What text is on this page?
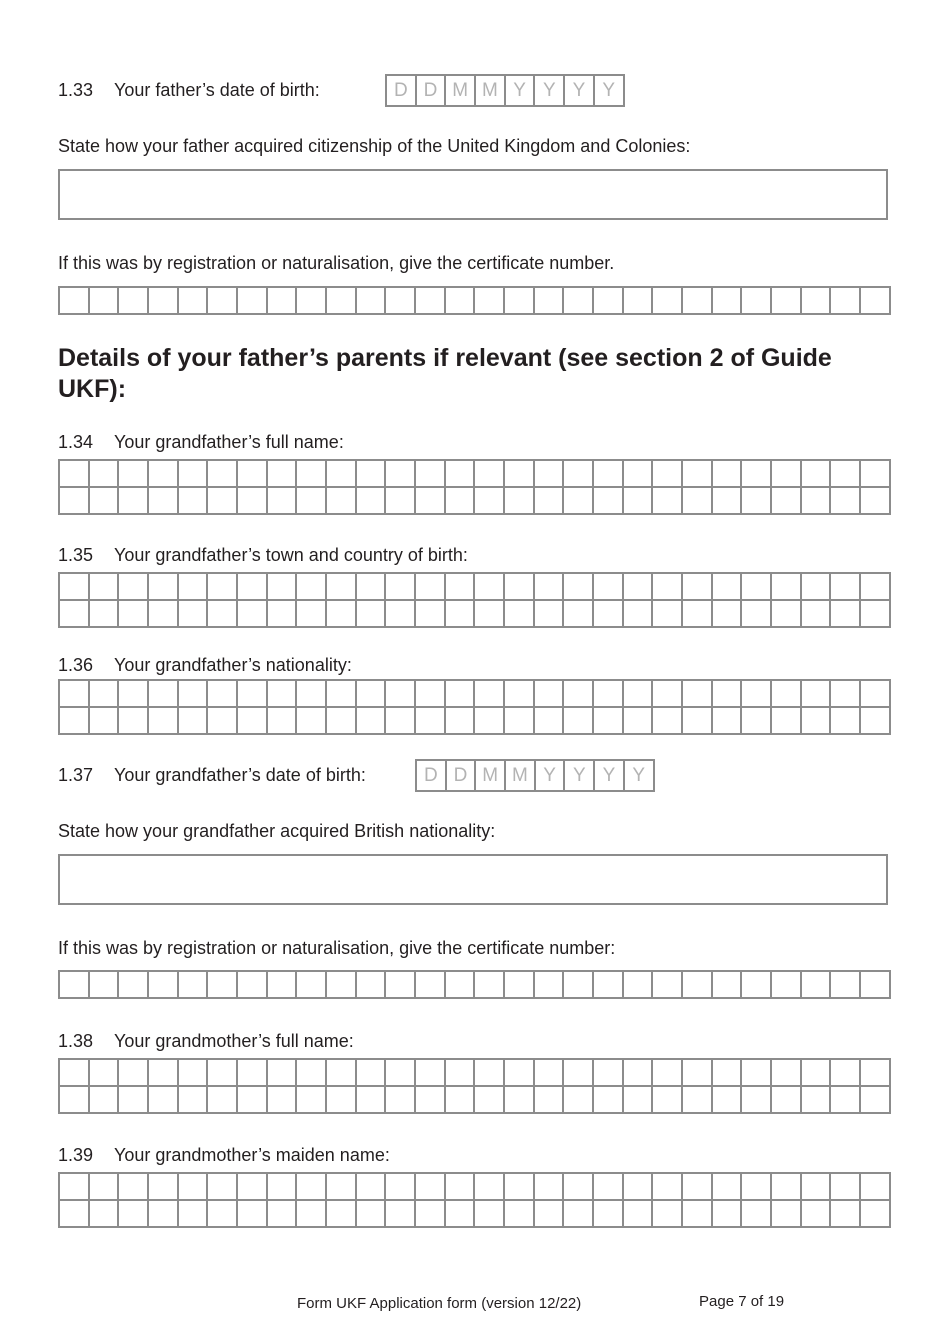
1.33 Your father’s date of birth:	D D M M Y Y Y Y
State how your father acquired citizenship of the United Kingdom and Colonies:
If this was by registration or naturalisation, give the certificate number.
Details of your father’s parents if relevant (see section 2 of Guide UKF):
1.34 Your grandfather’s full name:
1.35 Your grandfather’s town and country of birth:
1.36 Your grandfather’s nationality:
1.37 Your grandfather’s date of birth:	D D M M Y Y Y Y
State how your grandfather acquired British nationality:
If this was by registration or naturalisation, give the certificate number:
1.38 Your grandmother’s full name:
1.39 Your grandmother’s maiden name:
Form UKF Application form (version 12/22)	Page 7 of 19
